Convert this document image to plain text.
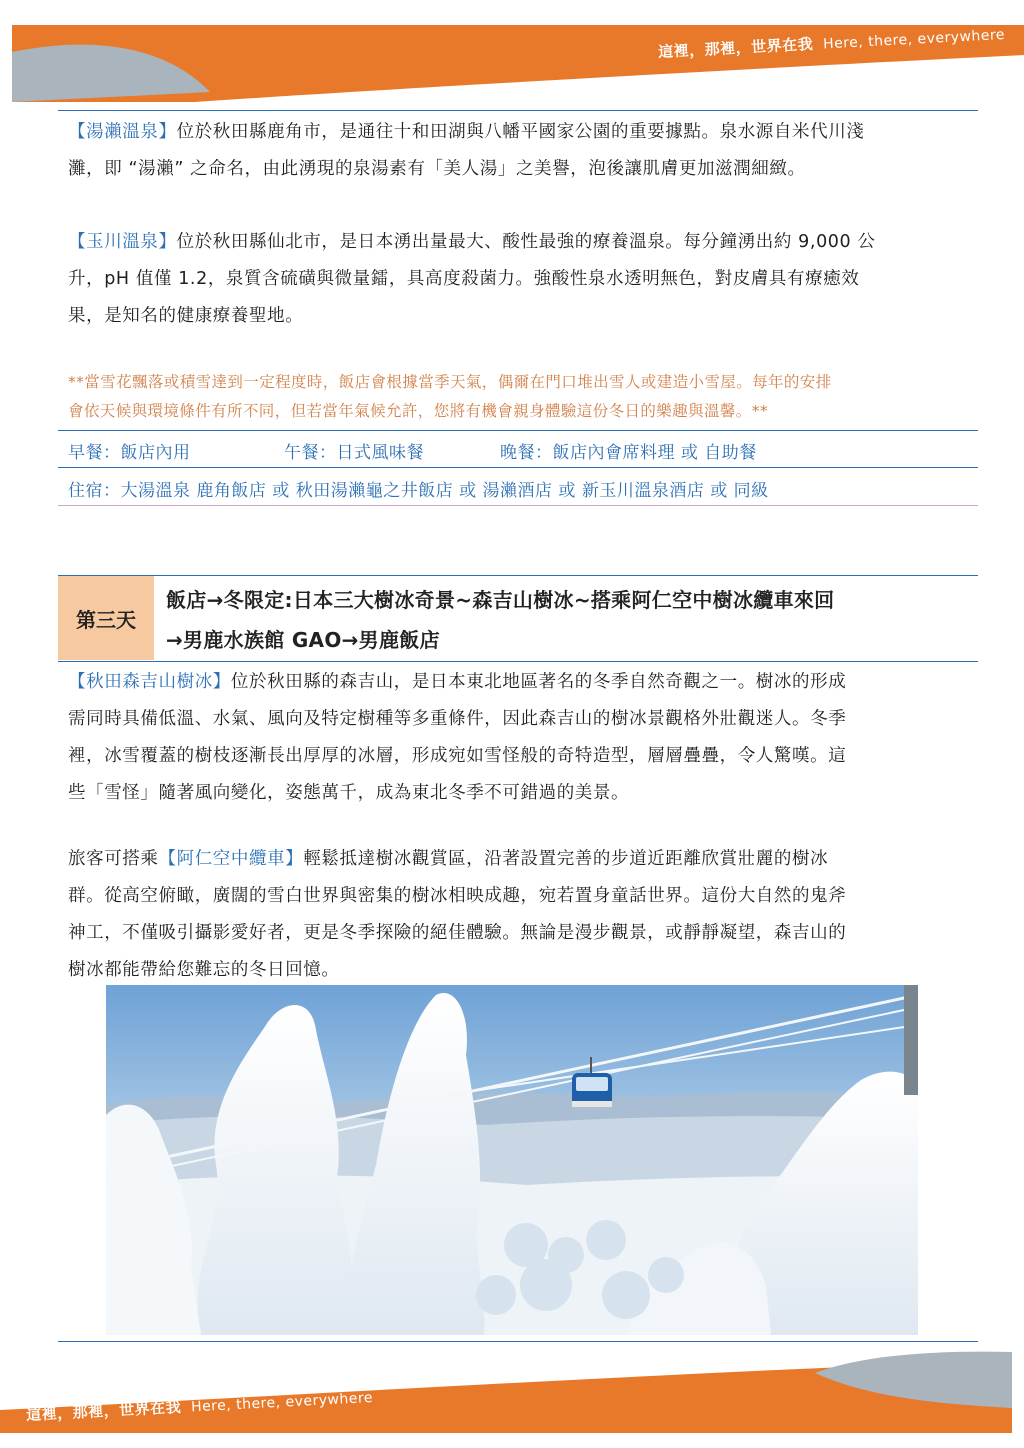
這裡，那裡，世界在我 Here, there, everywhere
【湯瀨溫泉】位於秋田縣鹿角市，是通往十和田湖與八幡平國家公園的重要據點。泉水源自米代川淺
灘，即 “湯瀨” 之命名，由此湧現的泉湯素有「美人湯」之美譽，泡後讓肌膚更加滋潤細緻。
【玉川溫泉】位於秋田縣仙北市，是日本湧出量最大、酸性最強的療養溫泉。每分鐘湧出約 9,000 公
升，pH 值僅 1.2，泉質含硫磺與微量鐳，具高度殺菌力。強酸性泉水透明無色，對皮膚具有療癒效
果，是知名的健康療養聖地。
**當雪花飄落或積雪達到一定程度時，飯店會根據當季天氣，偶爾在門口堆出雪人或建造小雪屋。每年的安排
會依天候與環境條件有所不同，但若當年氣候允許，您將有機會親身體驗這份冬日的樂趣與溫馨。**
早餐：飯店內用	午餐：日式風味餐	晚餐：飯店內會席料理 或 自助餐
住宿：大湯溫泉 鹿角飯店 或 秋田湯瀨龜之井飯店 或 湯瀨酒店 或 新玉川溫泉酒店 或 同級
第三天
飯店→冬限定:日本三大樹冰奇景~森吉山樹冰~搭乘阿仁空中樹冰纜車來回
→男鹿水族館 GAO→男鹿飯店
【秋田森吉山樹冰】位於秋田縣的森吉山，是日本東北地區著名的冬季自然奇觀之一。樹冰的形成
需同時具備低溫、水氣、風向及特定樹種等多重條件，因此森吉山的樹冰景觀格外壯觀迷人。冬季
裡，冰雪覆蓋的樹枝逐漸長出厚厚的冰層，形成宛如雪怪般的奇特造型，層層疊疊，令人驚嘆。這
些「雪怪」隨著風向變化，姿態萬千，成為東北冬季不可錯過的美景。
旅客可搭乘【阿仁空中纜車】輕鬆抵達樹冰觀賞區，沿著設置完善的步道近距離欣賞壯麗的樹冰
群。從高空俯瞰，廣闊的雪白世界與密集的樹冰相映成趣，宛若置身童話世界。這份大自然的鬼斧
神工，不僅吸引攝影愛好者，更是冬季探險的絕佳體驗。無論是漫步觀景，或靜靜凝望，森吉山的
樹冰都能帶給您難忘的冬日回憶。
這裡，那裡，世界在我 Here, there, everywhere
